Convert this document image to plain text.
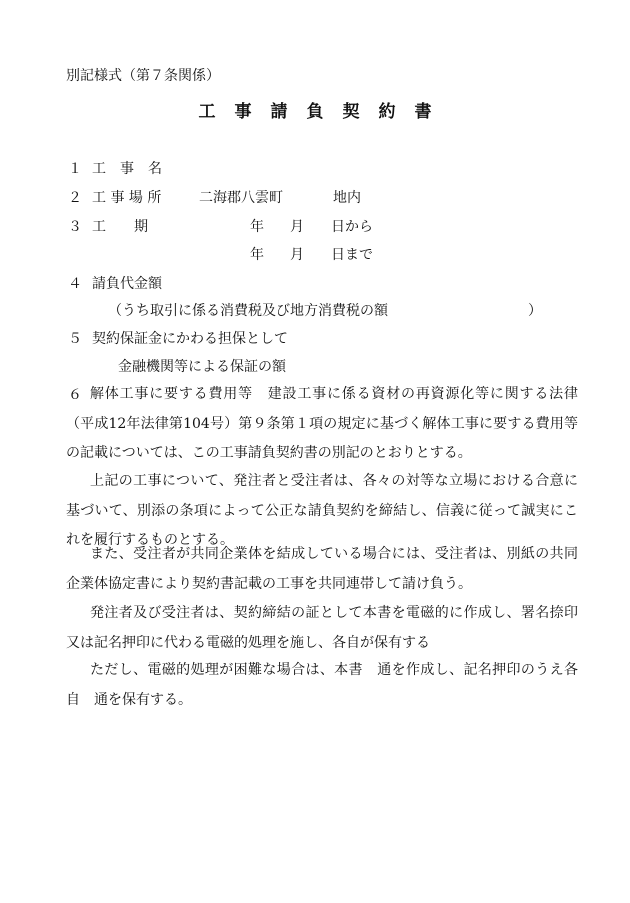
別記様式（第７条関係）
工事請負契約書
１ 工　事　名
２ 工 事 場 所	二海郡八雲町	地内
３ 工　　期	年 月 日から
年 月 日まで
４ 請負代金額
（うち取引に係る消費税及び地方消費税の額	）
５ 契約保証金にかわる担保として
金融機関等による保証の額
６ 解体工事に要する費用等　建設工事に係る資材の再資源化等に関する法律（平成12年法律第104号）第９条第１項の規定に基づく解体工事に要する費用等の記載については、この工事請負契約書の別記のとおりとする。
上記の工事について、発注者と受注者は、各々の対等な立場における合意に基づいて、別添の条項によって公正な請負契約を締結し、信義に従って誠実にこれを履行するものとする。
また、受注者が共同企業体を結成している場合には、受注者は、別紙の共同企業体協定書により契約書記載の工事を共同連帯して請け負う。
発注者及び受注者は、契約締結の証として本書を電磁的に作成し、署名捺印又は記名押印に代わる電磁的処理を施し、各自が保有する
ただし、電磁的処理が困難な場合は、本書　通を作成し、記名押印のうえ各自　通を保有する。
